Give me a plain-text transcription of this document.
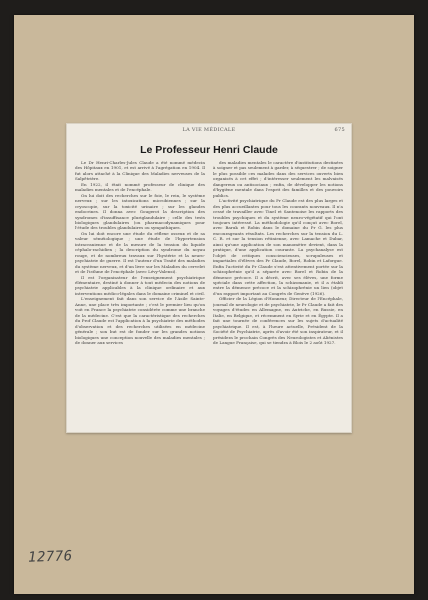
LA VIE MÉDICALE	675
Le Professeur Henri Claude

Le Dr Henri-Charles-Jules Claude a été nommé médecin des Hôpitaux en 1901, et est arrivé à l'agrégation en 1904. Il fut alors attaché à la Clinique des Maladies nerveuses de la Salpêtrière.

En 1922, il était nommé professeur de clinique des maladies mentales et de l'encéphale.

On lui doit des recherches sur le foie, le rein, le système nerveux ; sur les intoxications microbiennes ; sur la cryoscopie, sur la toxicité urinaire ; sur les glandes endocrines. Il donna avec Gougerot la description des syndromes d'insuffisance pluriglandulaire ; celle des tests biologiques glandulaires (ou pharmacodynamiques pour l'étude des troubles glandulaires ou sympathiques.

On lui doit encore une étude du réflexe osseux et de sa valeur séméiologique ; une étude de l'hypertension intracranienne et de la mesure de la tension du liquide céphalo-rachidien ; la description du syndrome du noyau rouge, et de nombreux travaux sur l'hystérie et la neuro-psychiatrie de guerre. Il est l'auteur d'un Traité des maladies du système nerveux, et d'un livre sur les Maladies du cervelet et de l'isthme de l'encéphale (avec Lévy-Valensi).

Il est l'organisateur de l'enseignement psychiatrique élémentaire, destiné à donner à tout médecin des notions de psychiatrie applicables à la clinique ordinaire et aux interventions médico-légales dans le domaine criminel et civil.

L'enseignement fait dans son service de l'Asile Sainte-Anne, une place très importante ; c'est le premier lieu qu'on voit en France la psychiatrie considérée comme une branche de la médecine. C'est que la caractéristique des recherches du Prof Claude est l'application à la psychiatrie des méthodes d'observation et des recherches utilisées en médecine générale ; son but est de fonder sur les grandes notions biologiques une conception nouvelle des maladies mentales ; de donner aux services

des maladies mentales le caractère d'institutions destinées à soigner et pas seulement à garder, à séquestrer ; de soigner le plus possible ces malades dans des services ouverts bien organisés à cet effet ; d'intéresser seulement les malvaisés dangereux ou antisociaux ; enfin, de développer les notions d'hygiène mentale dans l'esprit des familles et des pouvoirs publics.

L'activité psychiatrique du Pr Claude est des plus larges et des plus accueillantes pour tous les courants nouveaux. Il n'a cessé de travailler avec Tinel et Santenoise les rapports des troubles psychiques et du système neuro-végétatif qui l'ont toujours intéressé. La méthodologie qu'il conçut avec Borel, avec Baruk et Robin dans le domaine du Pr G. les plus encourageants résultats. Les recherches sur la tension du L. C. R. et sur la tension rétinienne, avec Lamache et Dubar, ainsi qu'une application de son manomètre devient, dans la pratique, d'une application courante. La psychanalyse est l'objet de critiques consciencieuses, scrupuleuses et impartiales d'élèves des Pr Claude, Borel, Robin et Laforgue. Enfin l'activité du Pr Claude s'est attentivement portée sur la schizophrénie qu'il a séparée avec Borel et Robin de la démence précoce. Il a décrit, avec ses élèves, une forme spéciale dans cette affection, la schizomanie, et il a établi entre la démence précoce et la schizophrénie un lien (objet d'un rapport important au Congrès de Genève (1926).

Officier de la Légion d'Honneur, Directeur de l'Encéphale, journal de neurologie et de psychiatrie, le Pr Claude a fait des voyages d'études en Allemagne, en Autriche, en Russie, en Italie, en Belgique, et récemment en Syrie et en Égypte. Il a fait une tournée de conférences sur les sujets d'actualité psychiatrique. Il est, à l'heure actuelle, Président de la Société de Psychiatrie, après d'avoir été son inspirateur, et il présidera le prochain Congrès des Neurologistes et Aliénistes de Langue Française, qui se tiendra à Blois le 2 août 1927.

12776
